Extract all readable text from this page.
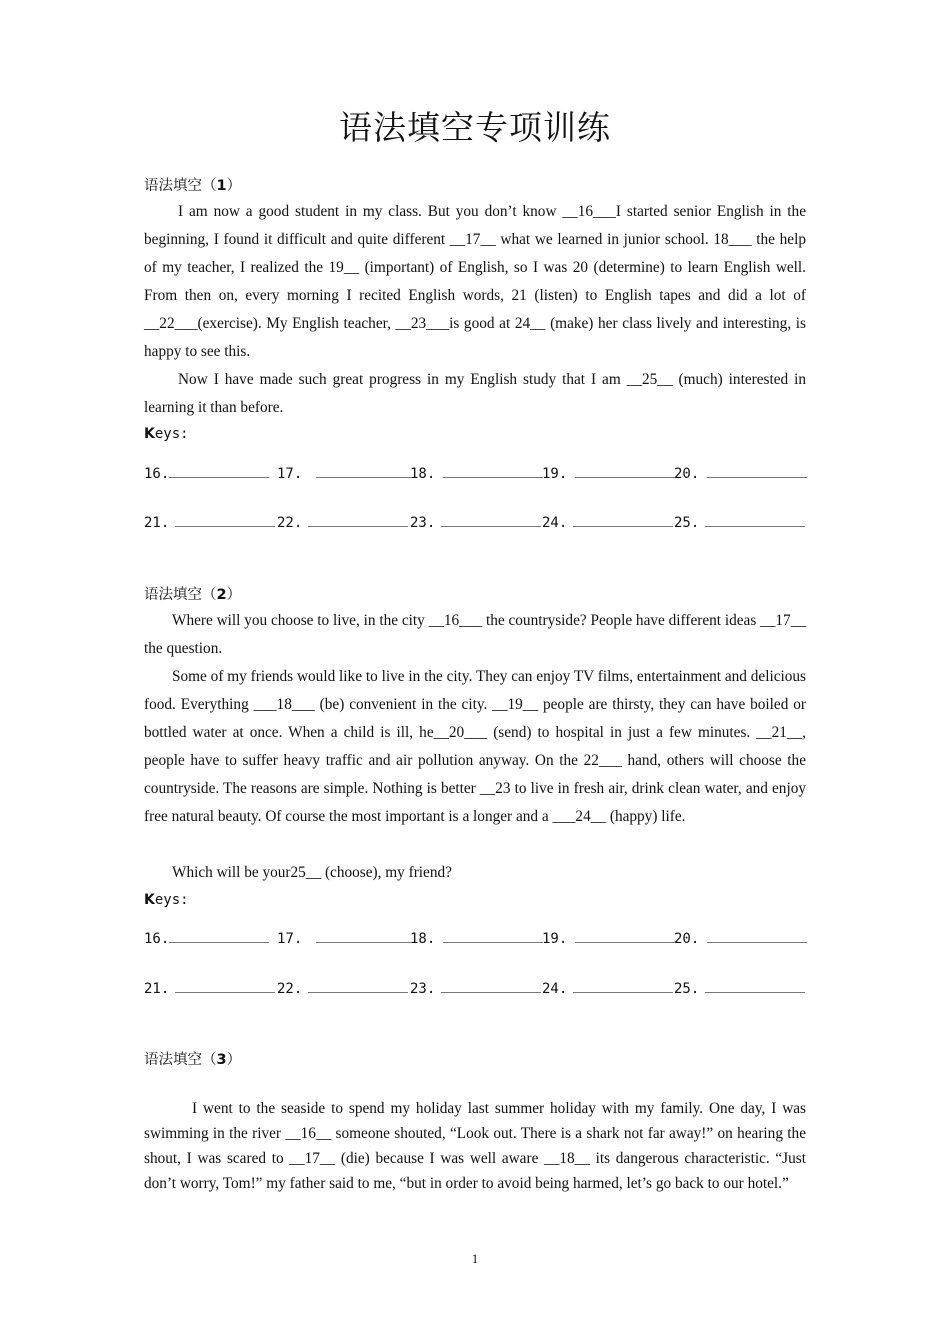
语法填空专项训练
语法填空（1）
I am now a good student in my class. But you don’t know __16___I started senior English in the beginning, I found it difficult and quite different __17__ what we learned in junior school. 18___ the help of my teacher, I realized the 19__ (important) of English, so I was 20 (determine) to learn English well. From then on, every morning I recited English words, 21 (listen) to English tapes and did a lot of __22___(exercise). My English teacher, __23___is good at 24__ (make) her class lively and interesting, is happy to see this.
Now I have made such great progress in my English study that I am __25__ (much) interested in learning it than before.
Keys:
16.	17.	18.	19.	20.
21.	22.	23.	24.	25.
语法填空（2）
Where will you choose to live, in the city __16___ the countryside? People have different ideas __17__ the question.
Some of my friends would like to live in the city. They can enjoy TV films, entertainment and delicious food. Everything ___18___ (be) convenient in the city. __19__ people are thirsty, they can have boiled or bottled water at once. When a child is ill, he__20___ (send) to hospital in just a few minutes. __21__, people have to suffer heavy traffic and air pollution anyway. On the 22___ hand, others will choose the countryside. The reasons are simple. Nothing is better __23 to live in fresh air, drink clean water, and enjoy free natural beauty. Of course the most important is a longer and a ___24__ (happy) life.
Which will be your25__ (choose), my friend?
Keys:
16.	17.	18.	19.	20.
21.	22.	23.	24.	25.
语法填空（3）
I went to the seaside to spend my holiday last summer holiday with my family. One day, I was swimming in the river __16__ someone shouted, “Look out. There is a shark not far away!” on hearing the shout, I was scared to __17__ (die) because I was well aware __18__ its dangerous characteristic. “Just don’t worry, Tom!” my father said to me, “but in order to avoid being harmed, let’s go back to our hotel.”
1
